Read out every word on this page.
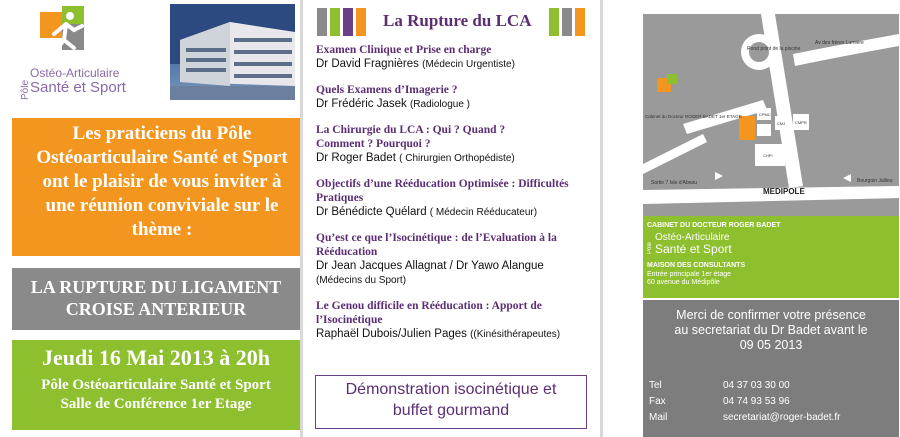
Pôle
Ostéo-Articulaire
Santé et Sport

Les praticiens du Pôle Ostéoarticulaire Santé et Sport ont le plaisir de vous inviter à une réunion conviviale sur le thème :

LA RUPTURE DU LIGAMENT

CROISE ANTERIEUR

Jeudi 16 Mai 2013 à 20h
Pôle Ostéoarticulaire Santé et Sport
Salle de Conférence 1er Etage
La Rupture du LCA
Examen Clinique et Prise en charge
Dr David Fragnières (Médecin Urgentiste)
Quels Examens d’Imagerie ?
Dr Frédéric Jasek (Radiologue )
La Chirurgie du LCA : Qui ? Quand ? Comment ? Pourquoi ?
Dr Roger Badet ( Chirurgien Orthopédiste)
Objectifs d’une Rééducation Optimisée : Difficultés Pratiques
Dr Bénédicte Quélard ( Médecin Rééducateur)
Qu’est ce que l’Isocinétique : de l’Evaluation à la Rééducation
Dr Jean Jacques Allagnat / Dr Yawo Alangue
(Médecins du Sport)
Le Genou difficile en Rééducation : Apport de l’Isocinétique
Raphaël Dubois/Julien Pages ((Kinésithérapeutes)

Démonstration isocinétique et

buffet gourmand

Rond point de la piscine
Av des frères Lumière
Sortie 7 Isle d'Abeau
MEDIPOLE
Bourgoin Jallieu
Cabinet du Docteur ROGER BADET 1er ETAGE	CPMC
CMJ CMPR
CHPI
CABINET DU DOCTEUR ROGER BADET
Pôle
Ostéo-Articulaire
Santé et Sport
MAISON DES CONSULTANTS
Entrée principale 1er étage
60 avenue du Médipôle
Merci de confirmer votre présence
au secretariat du Dr Badet avant le
09 05 2013
Tel	04 37 03 30 00
Fax	04 74 93 53 96
Mail	secretariat@roger-badet.fr
